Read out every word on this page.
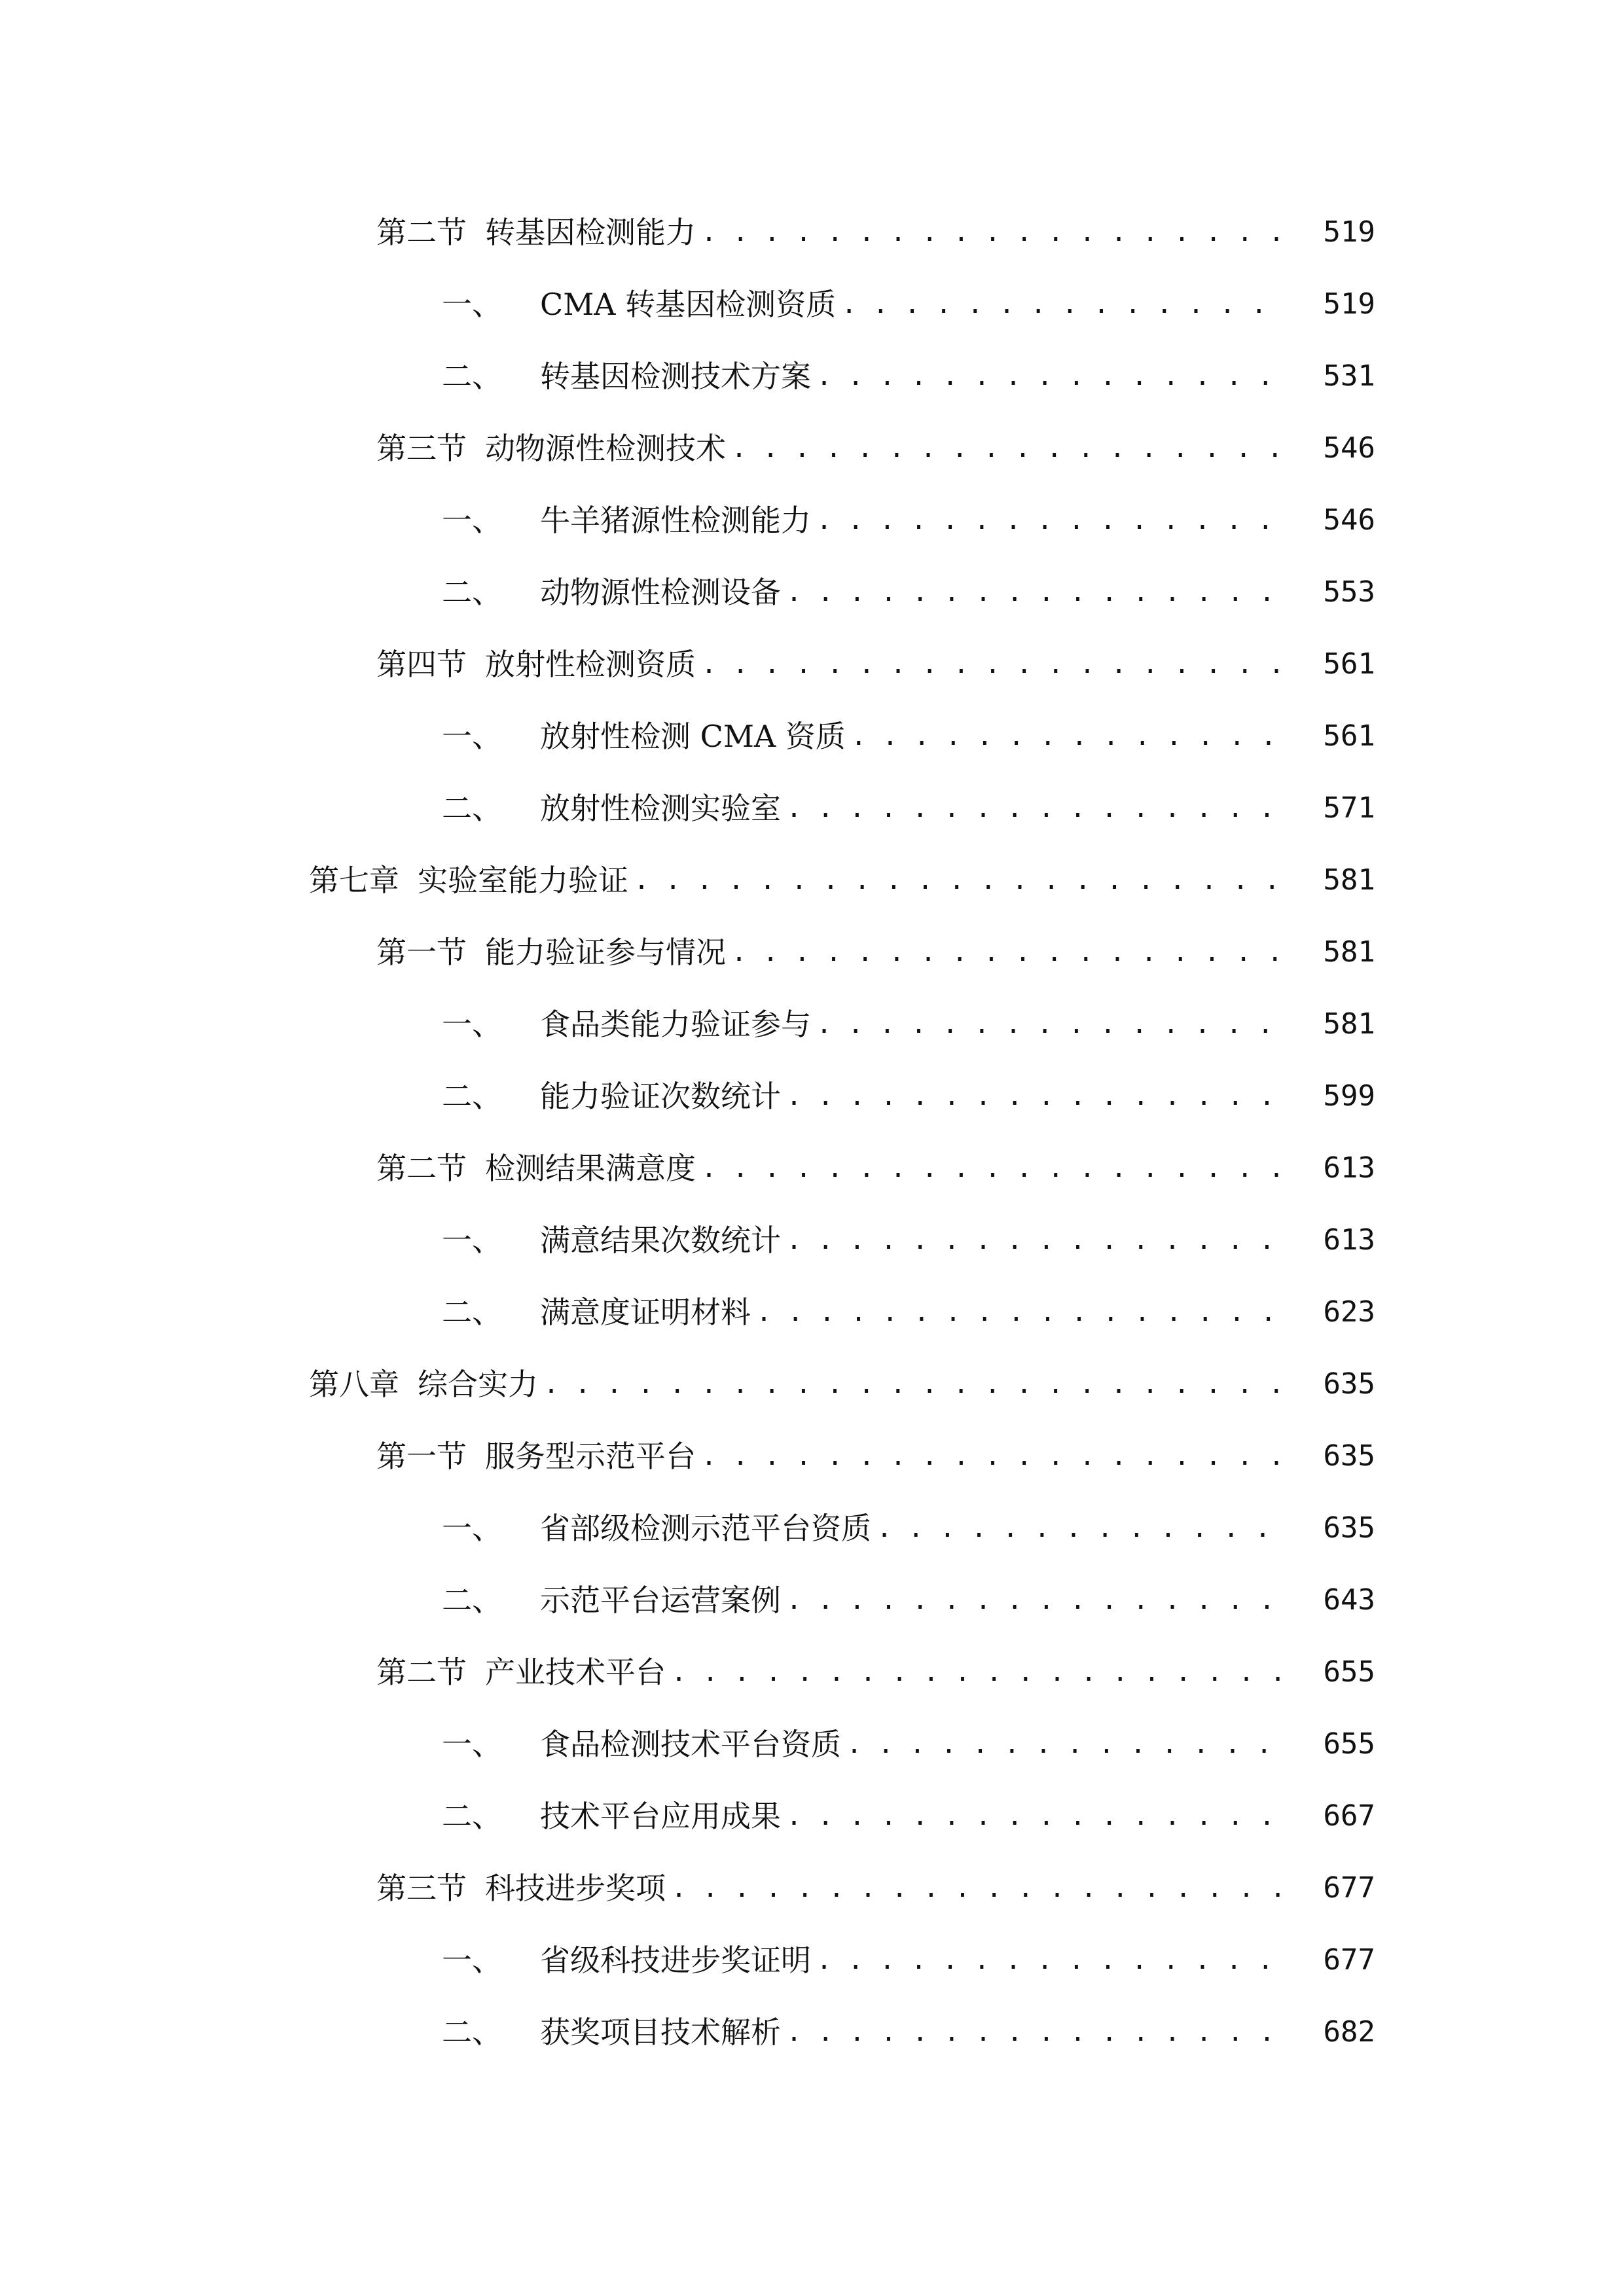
第二节 转基因检测能力 . . .	519
一、 CMA 转基因检测资质 . . .	519
二、 转基因检测技术方案 . . .	531
第三节 动物源性检测技术 . . .	546
一、 牛羊猪源性检测能力 . . .	546
二、 动物源性检测设备 . . .	553
第四节 放射性检测资质 . . .	561
一、 放射性检测 CMA 资质 . . .	561
二、 放射性检测实验室 . . .	571
第七章 实验室能力验证 . . .	581
第一节 能力验证参与情况 . . .	581
一、 食品类能力验证参与 . . .	581
二、 能力验证次数统计 . . .	599
第二节 检测结果满意度 . . .	613
一、 满意结果次数统计 . . .	613
二、 满意度证明材料 . . .	623
第八章 综合实力 . . .	635
第一节 服务型示范平台 . . .	635
一、 省部级检测示范平台资质 . . .	635
二、 示范平台运营案例 . . .	643
第二节 产业技术平台 . . .	655
一、 食品检测技术平台资质 . . .	655
二、 技术平台应用成果 . . .	667
第三节 科技进步奖项 . . .	677
一、 省级科技进步奖证明 . . .	677
二、 获奖项目技术解析 . . .	682
